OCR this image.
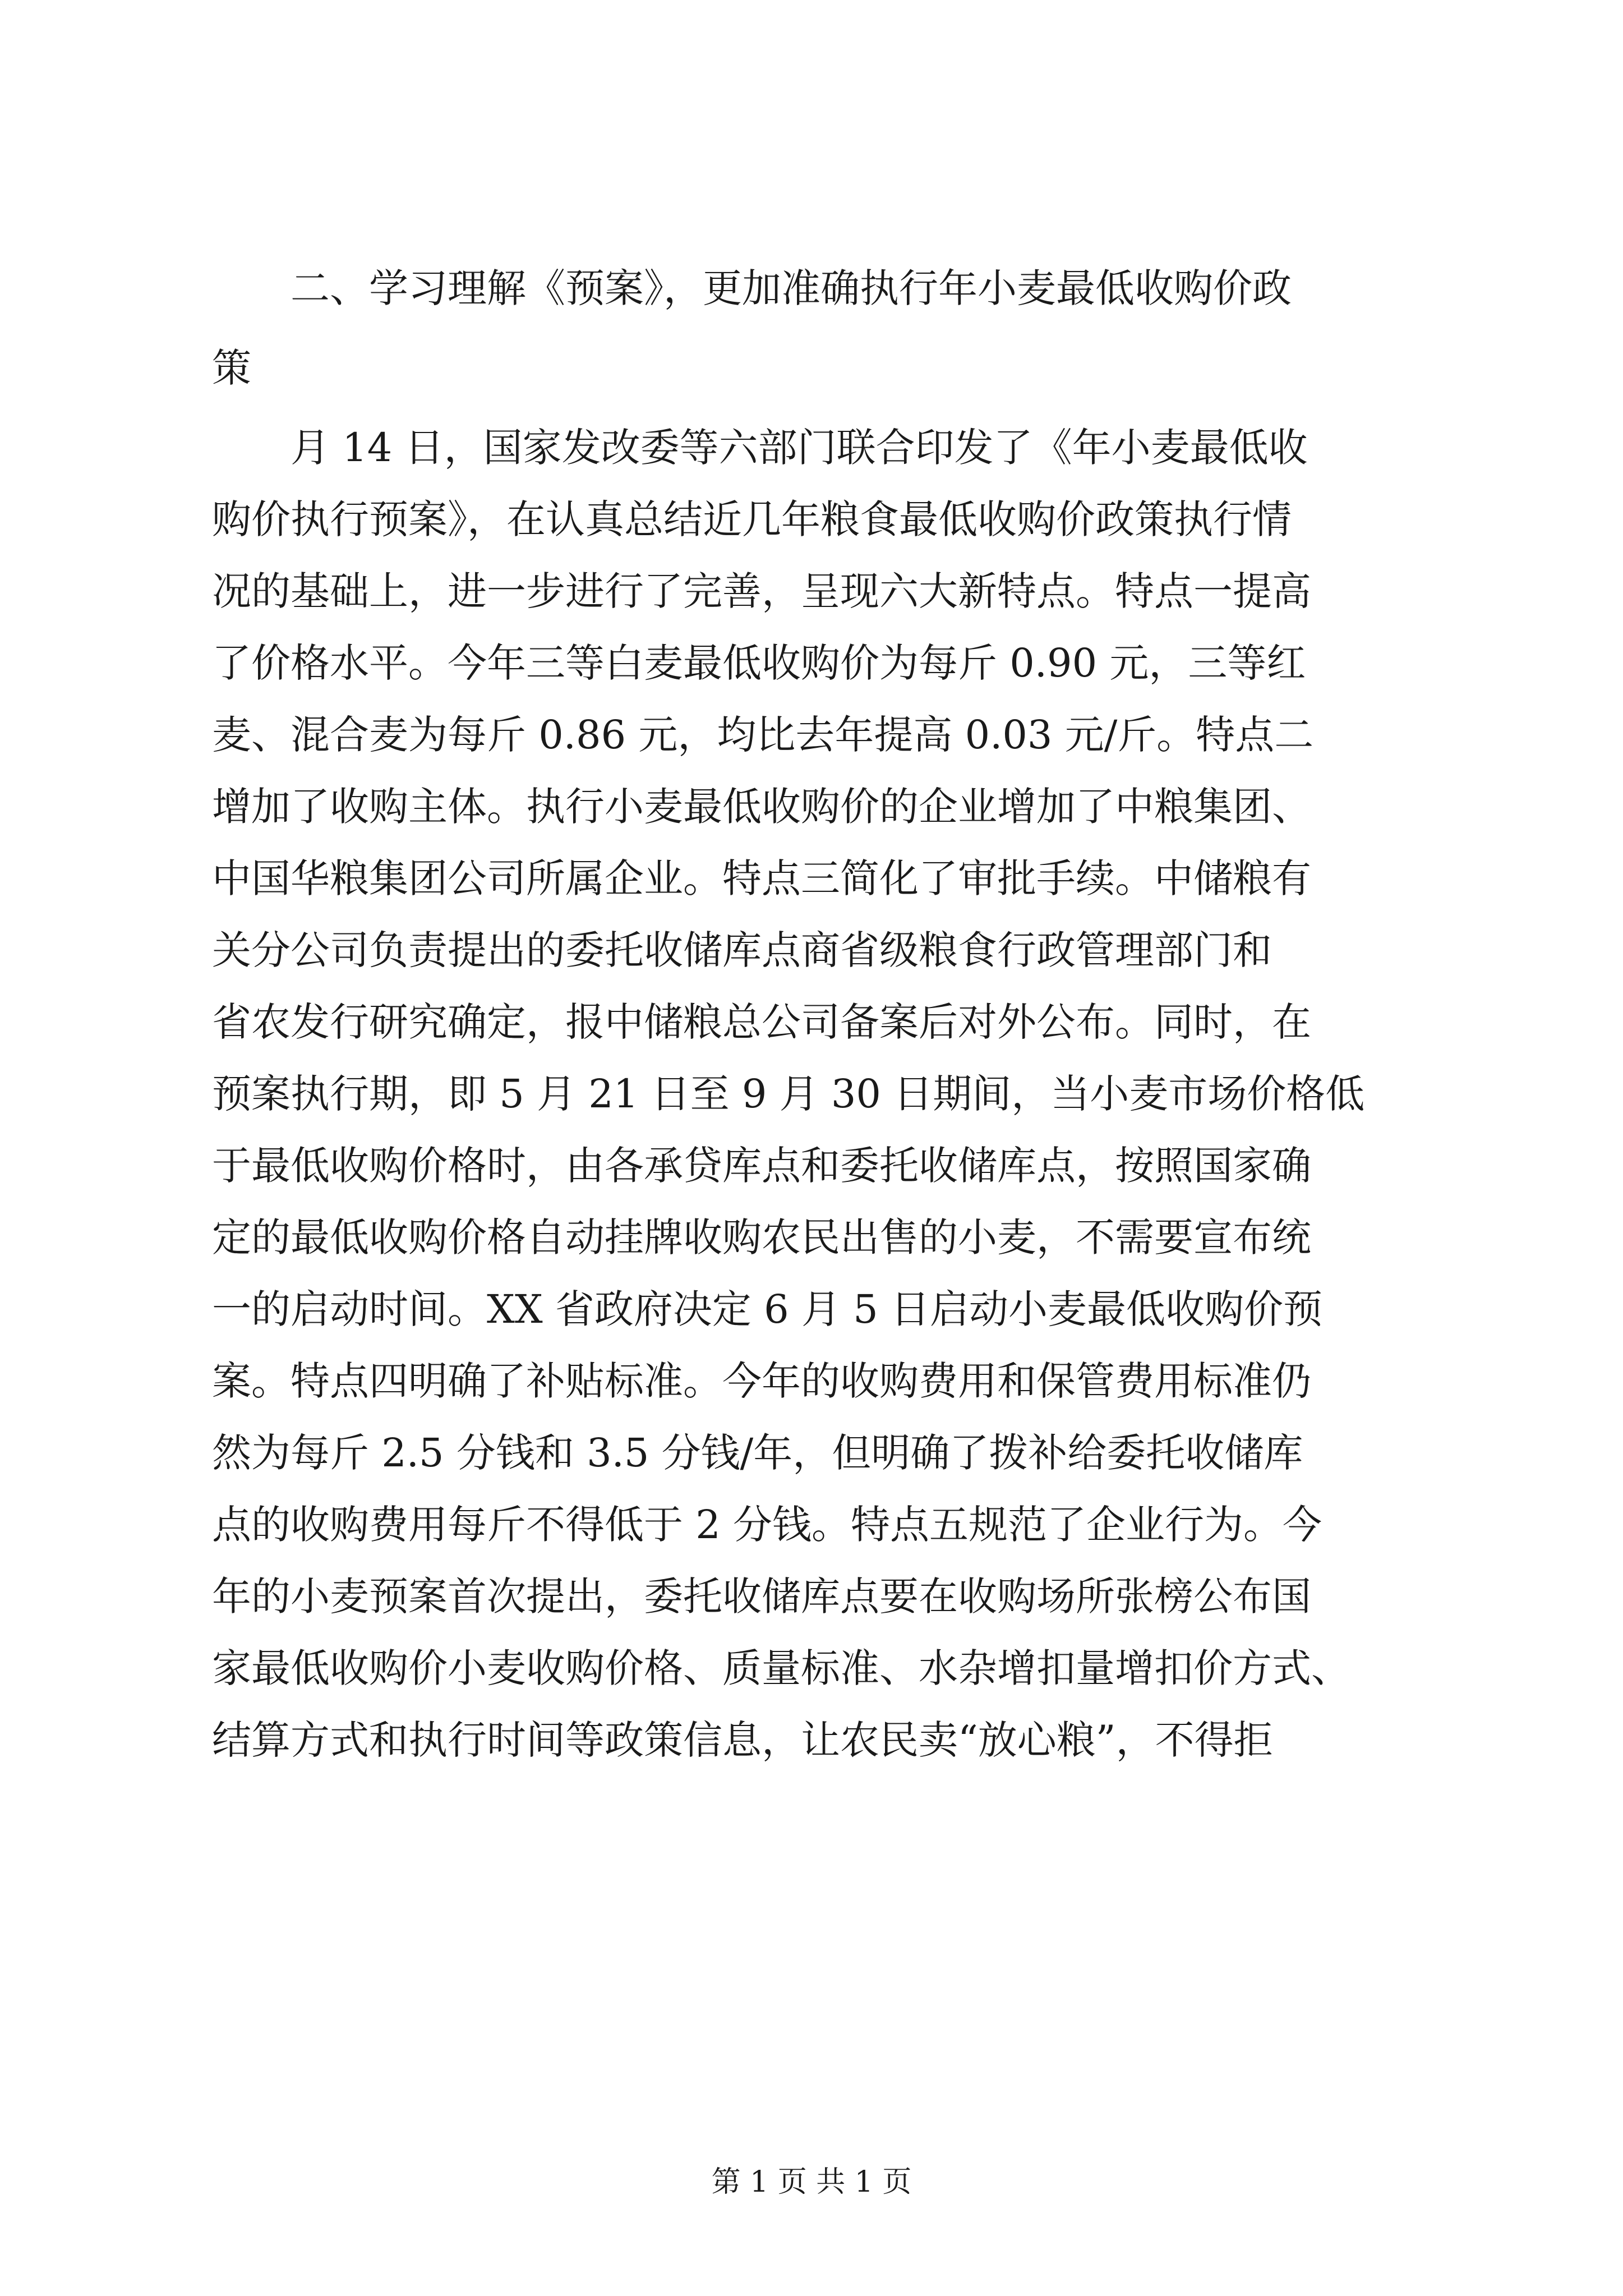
　　二、学习理解《预案》，更加准确执行年小麦最低收购价政
策
　　月 14 日，国家发改委等六部门联合印发了《年小麦最低收
购价执行预案》，在认真总结近几年粮食最低收购价政策执行情
况的基础上，进一步进行了完善，呈现六大新特点。特点一提高
了价格水平。今年三等白麦最低收购价为每斤 0.90 元，三等红
麦、混合麦为每斤 0.86 元，均比去年提高 0.03 元/斤。特点二
增加了收购主体。执行小麦最低收购价的企业增加了中粮集团、
中国华粮集团公司所属企业。特点三简化了审批手续。中储粮有
关分公司负责提出的委托收储库点商省级粮食行政管理部门和
省农发行研究确定，报中储粮总公司备案后对外公布。同时，在
预案执行期，即 5 月 21 日至 9 月 30 日期间，当小麦市场价格低
于最低收购价格时，由各承贷库点和委托收储库点，按照国家确
定的最低收购价格自动挂牌收购农民出售的小麦，不需要宣布统
一的启动时间。XX 省政府决定 6 月 5 日启动小麦最低收购价预
案。特点四明确了补贴标准。今年的收购费用和保管费用标准仍
然为每斤 2.5 分钱和 3.5 分钱/年，但明确了拨补给委托收储库
点的收购费用每斤不得低于 2 分钱。特点五规范了企业行为。今
年的小麦预案首次提出，委托收储库点要在收购场所张榜公布国
家最低收购价小麦收购价格、质量标准、水杂增扣量增扣价方式、
结算方式和执行时间等政策信息，让农民卖“放心粮”，不得拒
第 1 页 共 1 页
